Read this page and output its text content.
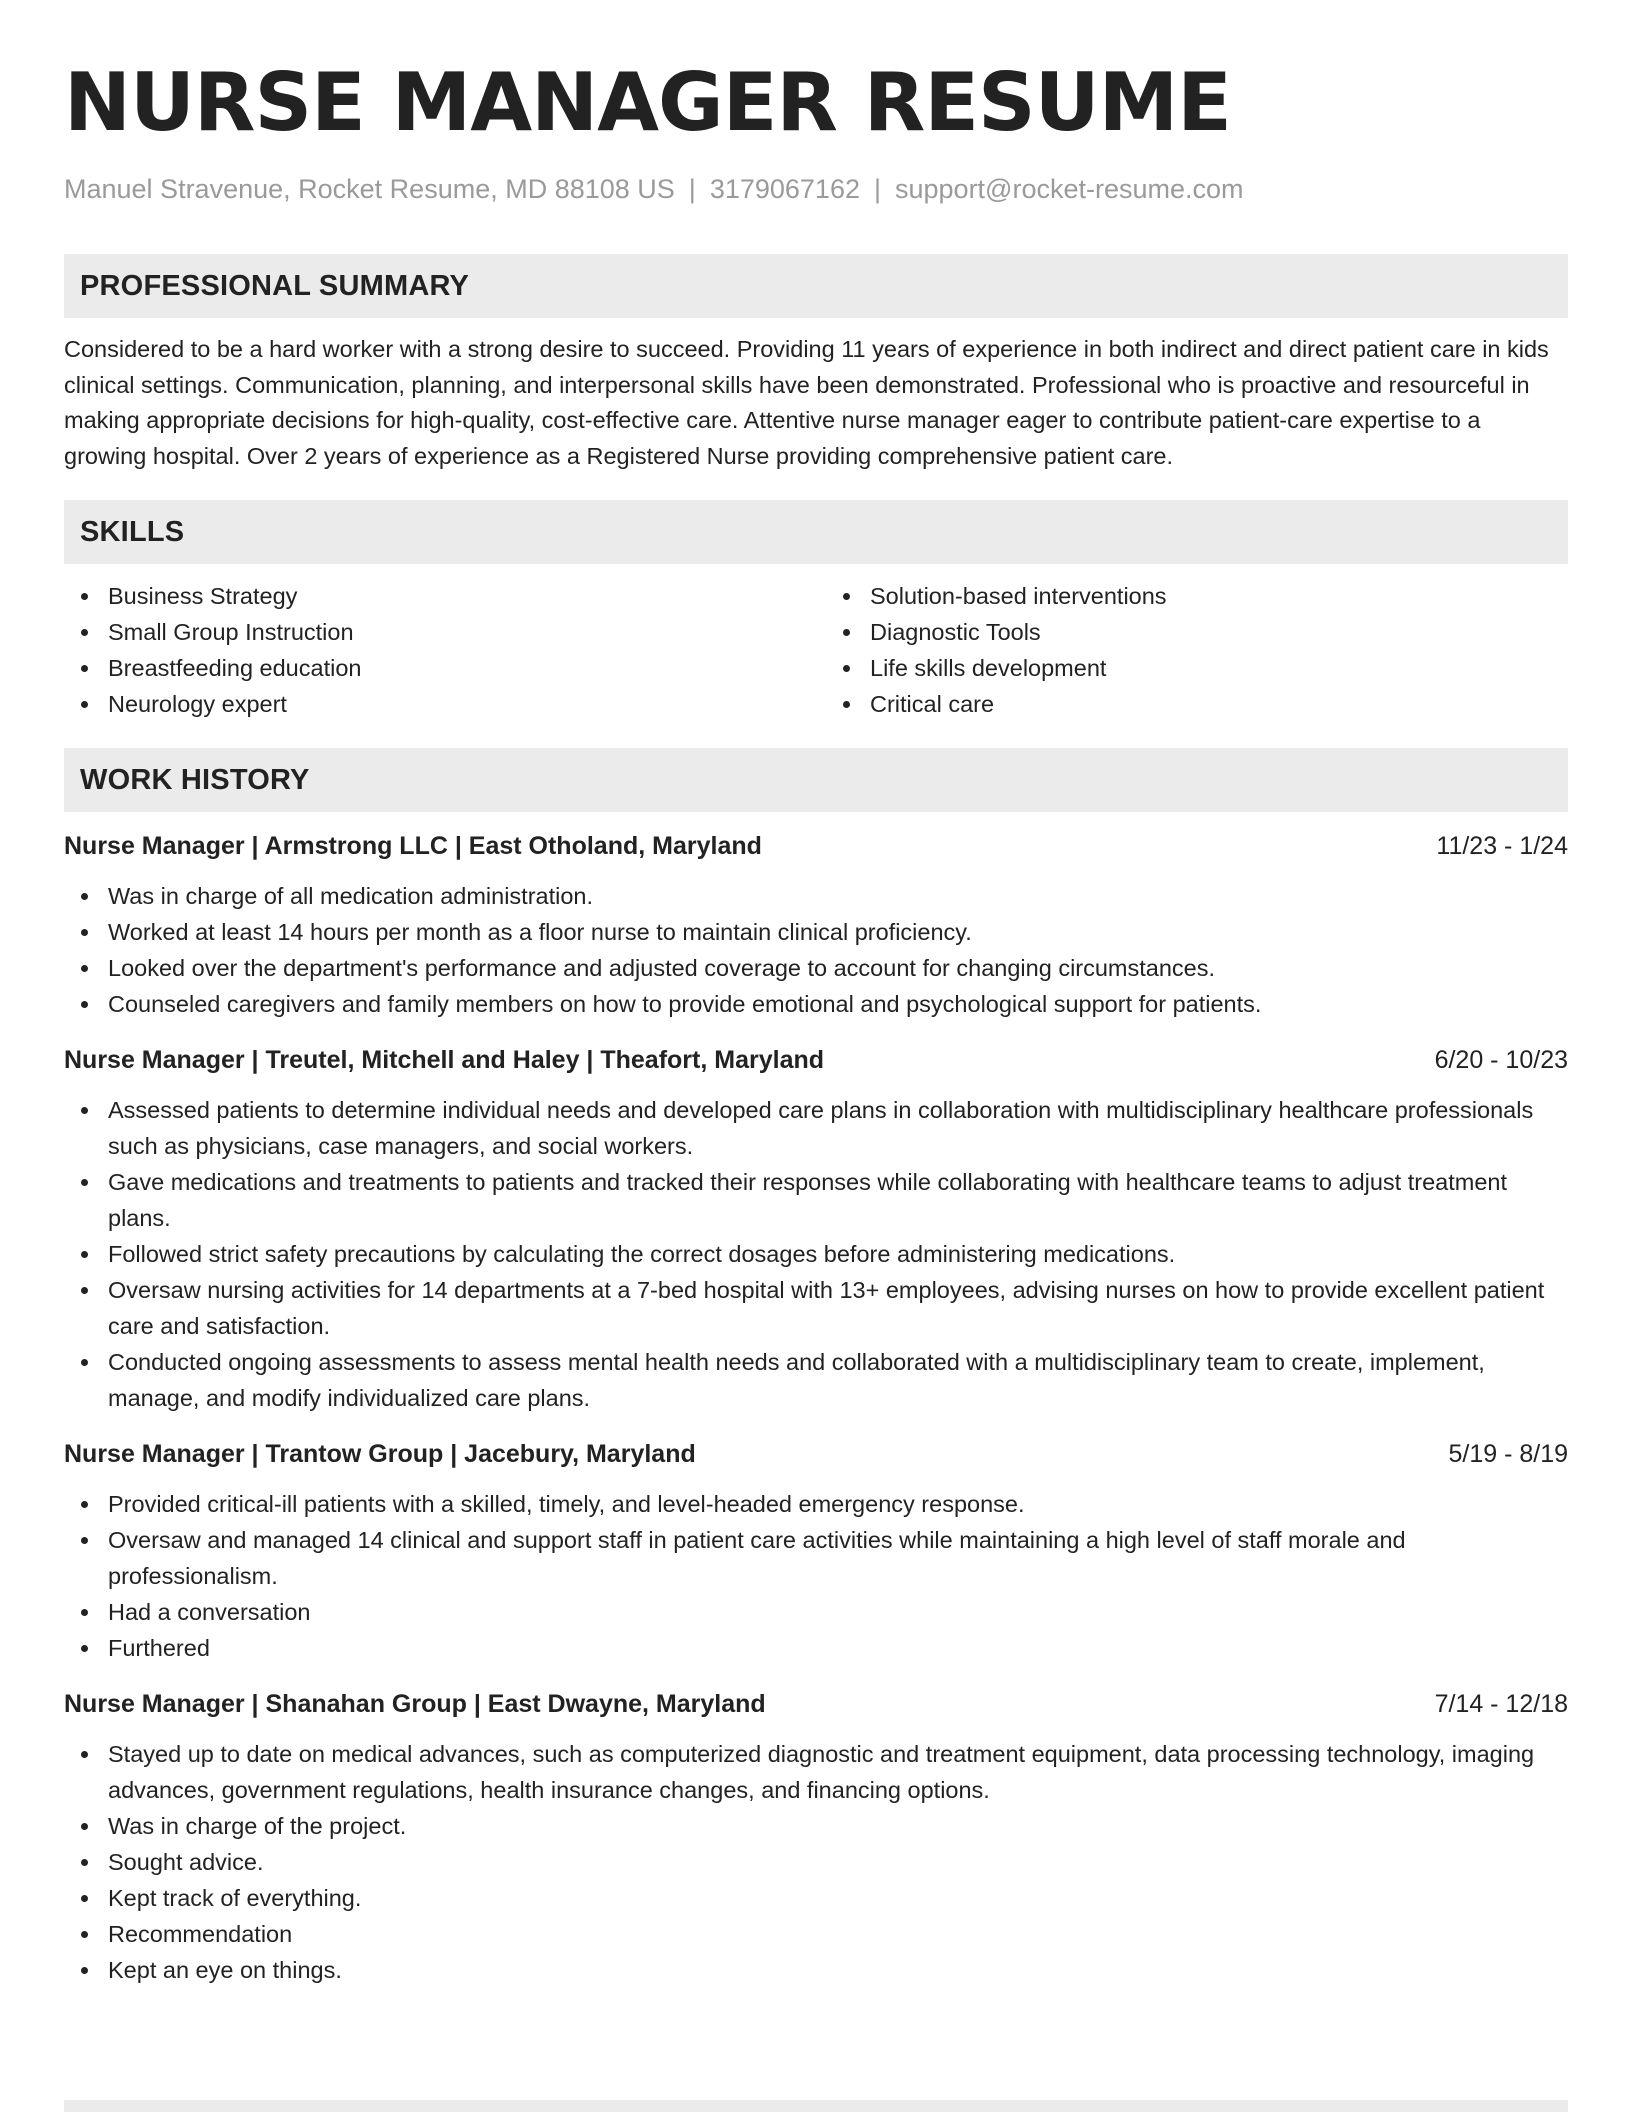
NURSE MANAGER RESUME
Manuel Stravenue, Rocket Resume, MD 88108 US | 3179067162 | support@rocket-resume.com
PROFESSIONAL SUMMARY
Considered to be a hard worker with a strong desire to succeed. Providing 11 years of experience in both indirect and direct patient care in kids clinical settings. Communication, planning, and interpersonal skills have been demonstrated. Professional who is proactive and resourceful in making appropriate decisions for high-quality, cost-effective care. Attentive nurse manager eager to contribute patient-care expertise to a growing hospital. Over 2 years of experience as a Registered Nurse providing comprehensive patient care.
SKILLS
Business Strategy
Small Group Instruction
Breastfeeding education
Neurology expert
Solution-based interventions
Diagnostic Tools
Life skills development
Critical care
WORK HISTORY
Nurse Manager | Armstrong LLC | East Otholand, Maryland	11/23 - 1/24
Was in charge of all medication administration.
Worked at least 14 hours per month as a floor nurse to maintain clinical proficiency.
Looked over the department's performance and adjusted coverage to account for changing circumstances.
Counseled caregivers and family members on how to provide emotional and psychological support for patients.
Nurse Manager | Treutel, Mitchell and Haley | Theafort, Maryland	6/20 - 10/23
Assessed patients to determine individual needs and developed care plans in collaboration with multidisciplinary healthcare professionals such as physicians, case managers, and social workers.
Gave medications and treatments to patients and tracked their responses while collaborating with healthcare teams to adjust treatment plans.
Followed strict safety precautions by calculating the correct dosages before administering medications.
Oversaw nursing activities for 14 departments at a 7-bed hospital with 13+ employees, advising nurses on how to provide excellent patient care and satisfaction.
Conducted ongoing assessments to assess mental health needs and collaborated with a multidisciplinary team to create, implement, manage, and modify individualized care plans.
Nurse Manager | Trantow Group | Jacebury, Maryland	5/19 - 8/19
Provided critical-ill patients with a skilled, timely, and level-headed emergency response.
Oversaw and managed 14 clinical and support staff in patient care activities while maintaining a high level of staff morale and professionalism.
Had a conversation
Furthered
Nurse Manager | Shanahan Group | East Dwayne, Maryland	7/14 - 12/18
Stayed up to date on medical advances, such as computerized diagnostic and treatment equipment, data processing technology, imaging advances, government regulations, health insurance changes, and financing options.
Was in charge of the project.
Sought advice.
Kept track of everything.
Recommendation
Kept an eye on things.
